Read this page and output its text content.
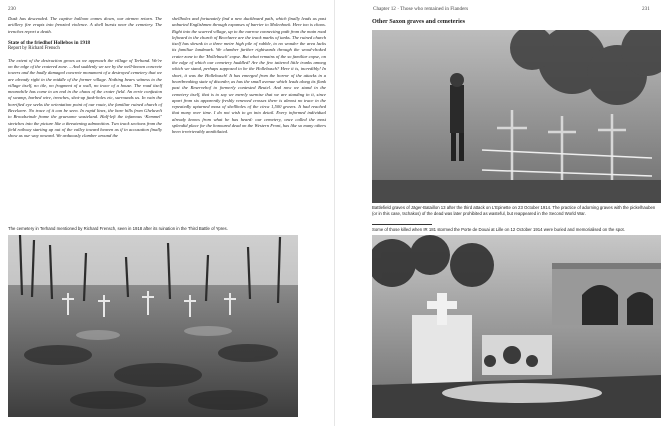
230

Dusk has descended. The captive balloon comes down, our airmen return. The artillery fire erupts into frenzied violence. A shell bursts near the cemetery. The trenches report a death.

State of the friedhof Hollebos in 1918
Report by Richard Frensch

The extent of the destruction grows as we approach the village of Terhand. We're on the edge of the cratered zone. – And suddenly we see by the well-known concrete towers and the badly damaged concrete monument of a destroyed cemetery that we are already right in the middle of the former village. Nothing bears witness to the village itself, no tile, no fragment of a wall, no trace of a house. The road itself meanwhile has come to an end in the chaos of the crater field. An eerie confusion of swamp, barbed wire, trenches, shot-up funk-holes etc, surrounds us. In vain the horrified eye seeks the orientation point of our route, the familiar ruined church of Becelaere. No trace of it can be seen. In rapid lines, the bare hills from Gheluvelt to Broodseinde frame the gruesome wasteland. Half-left the infamous ‘Kemmel’ stretches into the picture like a threatening admonition. Two track sections from the field railway starting up out of the valley toward heaven as if in accusation finally show us our way onward. We arduously clamber around the

shellholes and fortunately find a new duckboard path, which finally leads us past unburied Englishmen through expanses of barrier to Molenhoek. Here too is chaos. Right into the scarred village, up to the narrow connecting path from the main road leftward to the church of Becelaere are the track marks of tanks. The ruined church itself has shrunk to a three metre high pile of rubble, to no wonder the area lacks its familiar landmark. We clamber further rightwards through the wood-choked crater zone to the 'Hollebusch' copse. But what remains of the so familiar copse, on the edge of which our cemetery huddled! Are the few tattered little trunks among which we stand, perhaps supposed to be the Hollebusch? Here it is, incredibly! In short, it was the Hollebusch! It has emerged from the horror of the attacks in a heartbreaking state of disorder, as has the small avenue which leads along its flank past the Reservehof to formerly contested Beutel. And now we stand in the cemetery itself, that is to say we merely surmise that we are standing in it, since apart from six apparently freshly renewed crosses there is almost no trace in the repeatedly upturned mass of shellholes of the circa 1,500 graves. It had reached that many over time. I do not wish to go into detail. Every informed individual already knows from what he has heard: our cemetery, once called the most splendid place for the honoured dead on the Western Front, has like so many others been irretrievably annihilated.

The cemetery in Terhand mentioned by Richard Frensch, seen in 1918 after its ruination in the Third Battle of Ypres.
Chapter 12 · Those who remained in Flanders	231
Other Saxon graves and cemeteries
Battlefield graves of Jäger-Bataillon 13 after the third attack on L'Epinette on 23 October 1914. The practice of adorning graves with the pickelhauben (or in this case, tschakos) of the dead was later prohibited as wasteful, but reappeared in the Second World War.
Some of those killed when IR 181 stormed the Porte de Douai at Lille on 12 October 1914 were buried and memorialised on the spot.
